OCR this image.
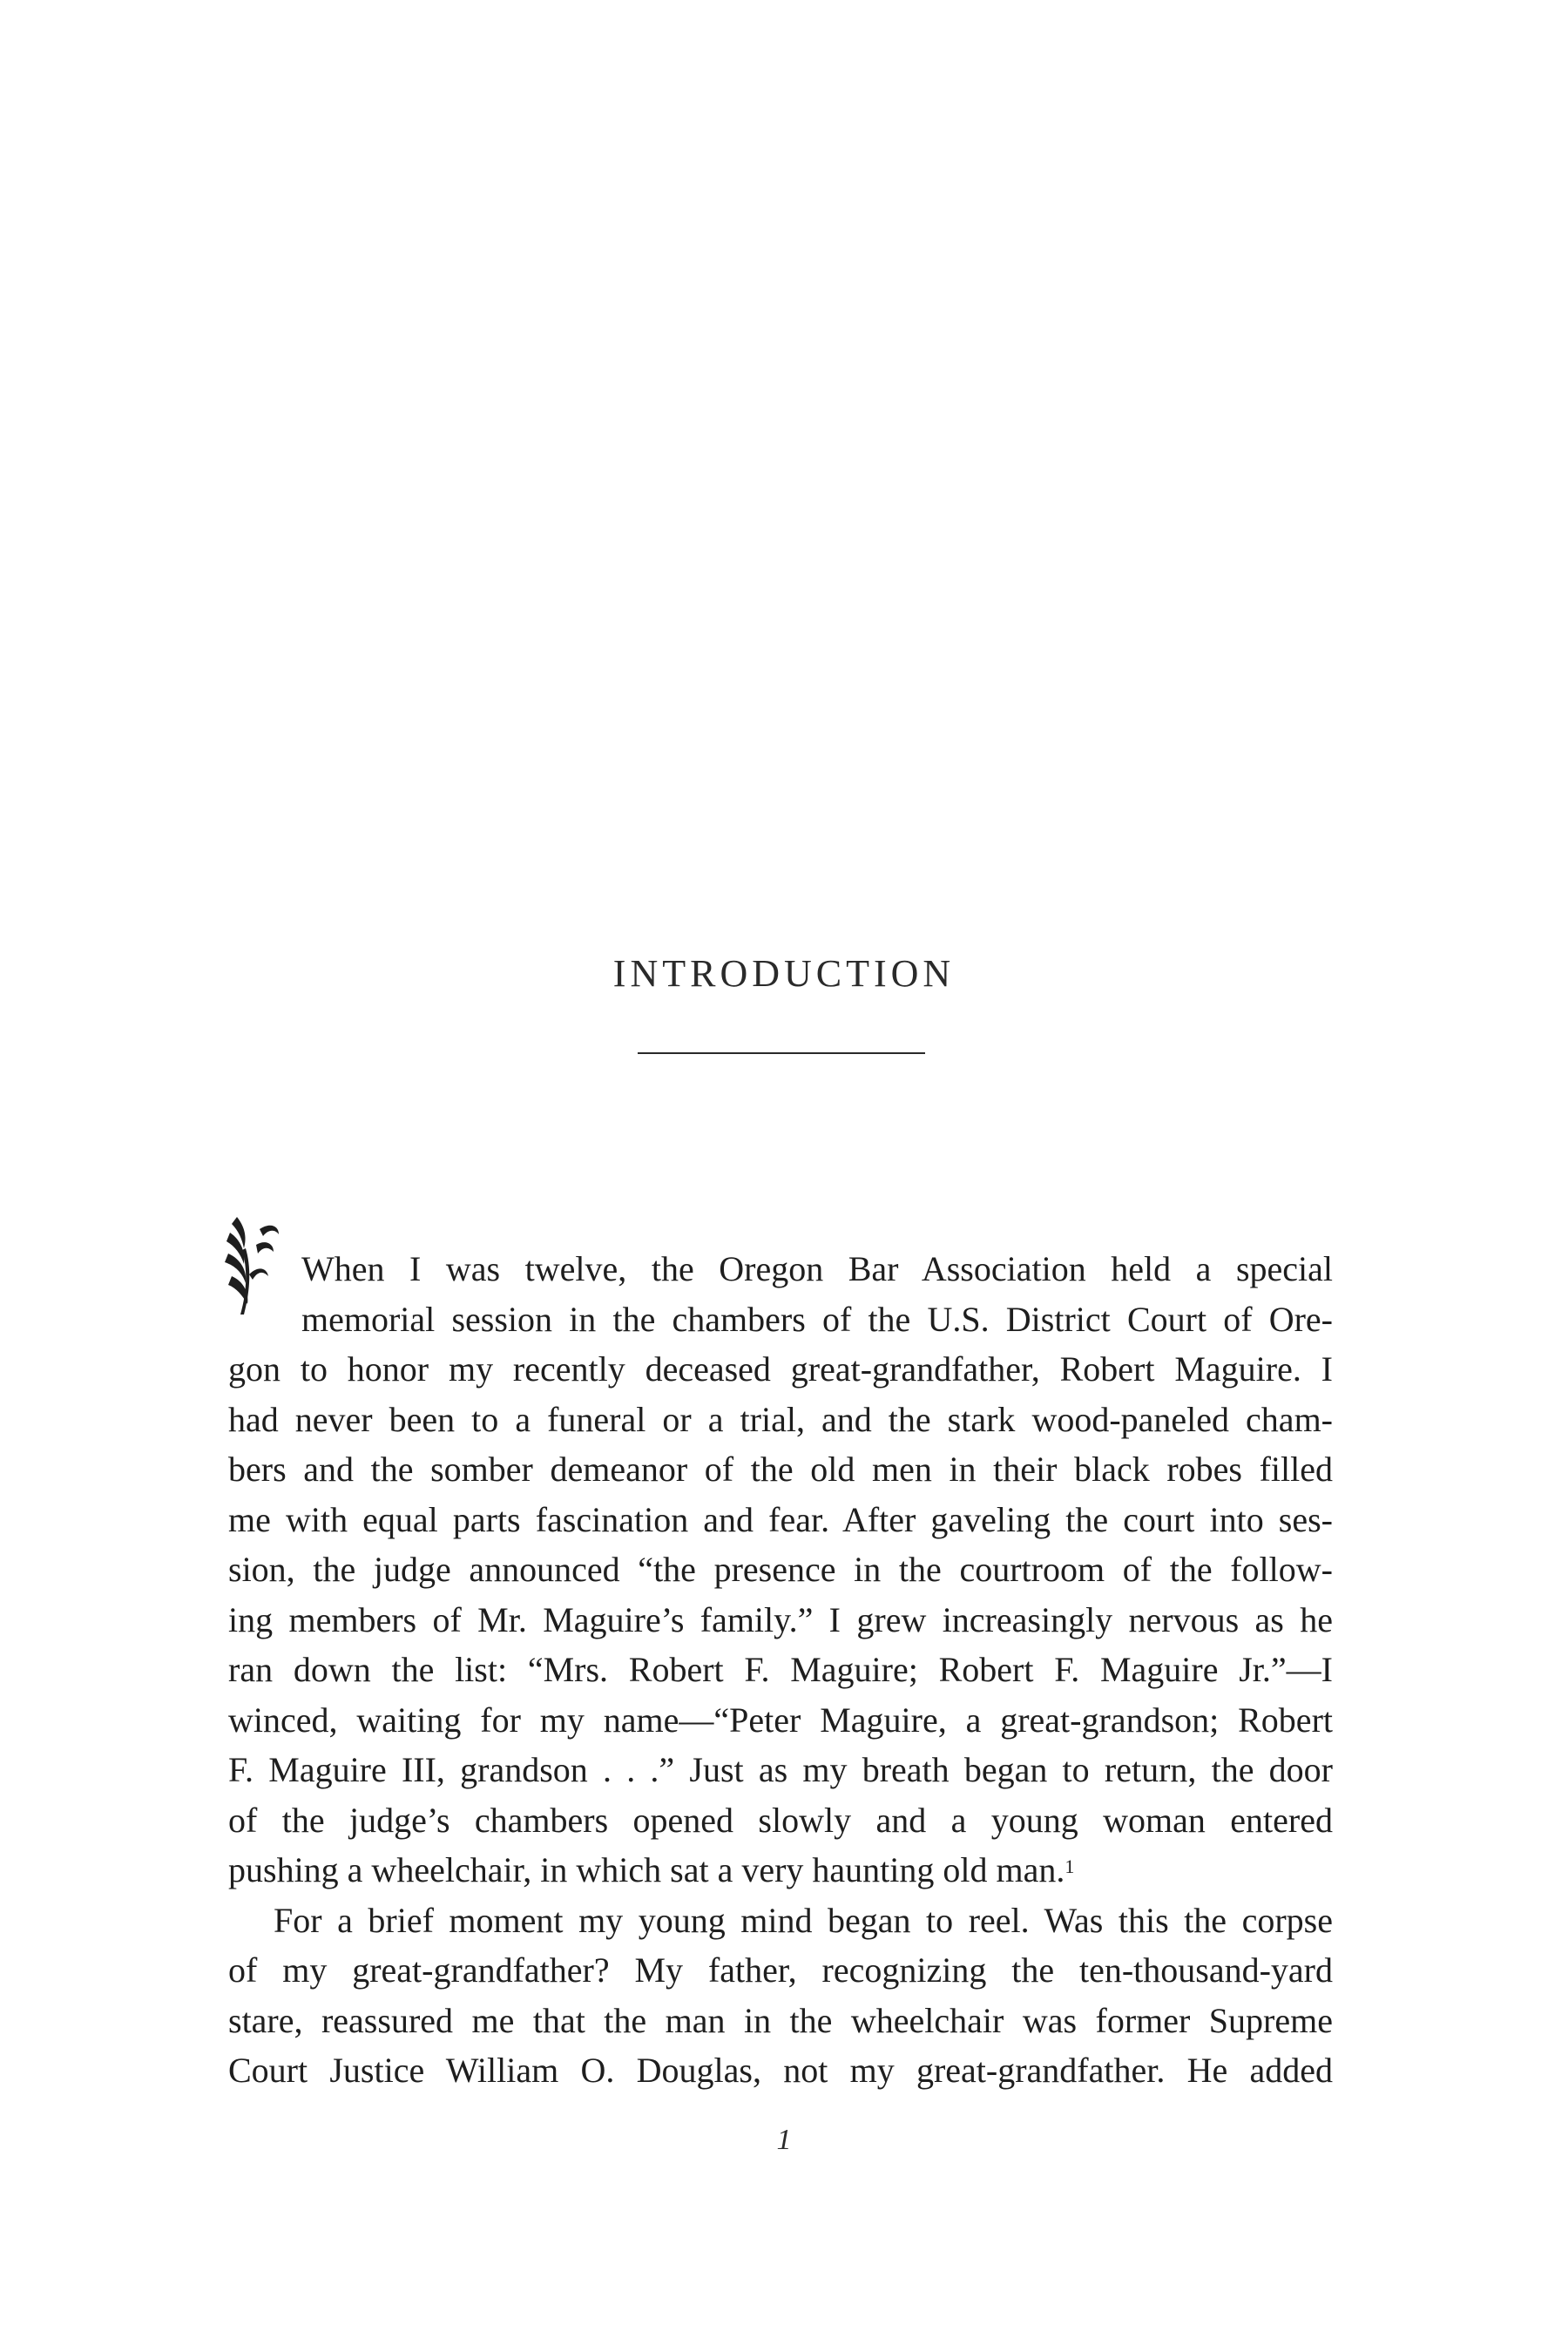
INTRODUCTION
When I was twelve, the Oregon Bar Association held a special
memorial session in the chambers of the U.S. District Court of Ore-
gon to honor my recently deceased great-grandfather, Robert Maguire. I
had never been to a funeral or a trial, and the stark wood-paneled cham-
bers and the somber demeanor of the old men in their black robes filled
me with equal parts fascination and fear. After gaveling the court into ses-
sion, the judge announced “the presence in the courtroom of the follow-
ing members of Mr. Maguire’s family.” I grew increasingly nervous as he
ran down the list: “Mrs. Robert F. Maguire; Robert F. Maguire Jr.”—I
winced, waiting for my name—“Peter Maguire, a great-grandson; Robert
F. Maguire III, grandson . . .” Just as my breath began to return, the door
of the judge’s chambers opened slowly and a young woman entered
pushing a wheelchair, in which sat a very haunting old man.$^1$
For a brief moment my young mind began to reel. Was this the corpse
of my great-grandfather? My father, recognizing the ten-thousand-yard
stare, reassured me that the man in the wheelchair was former Supreme
Court Justice William O. Douglas, not my great-grandfather. He added
1
